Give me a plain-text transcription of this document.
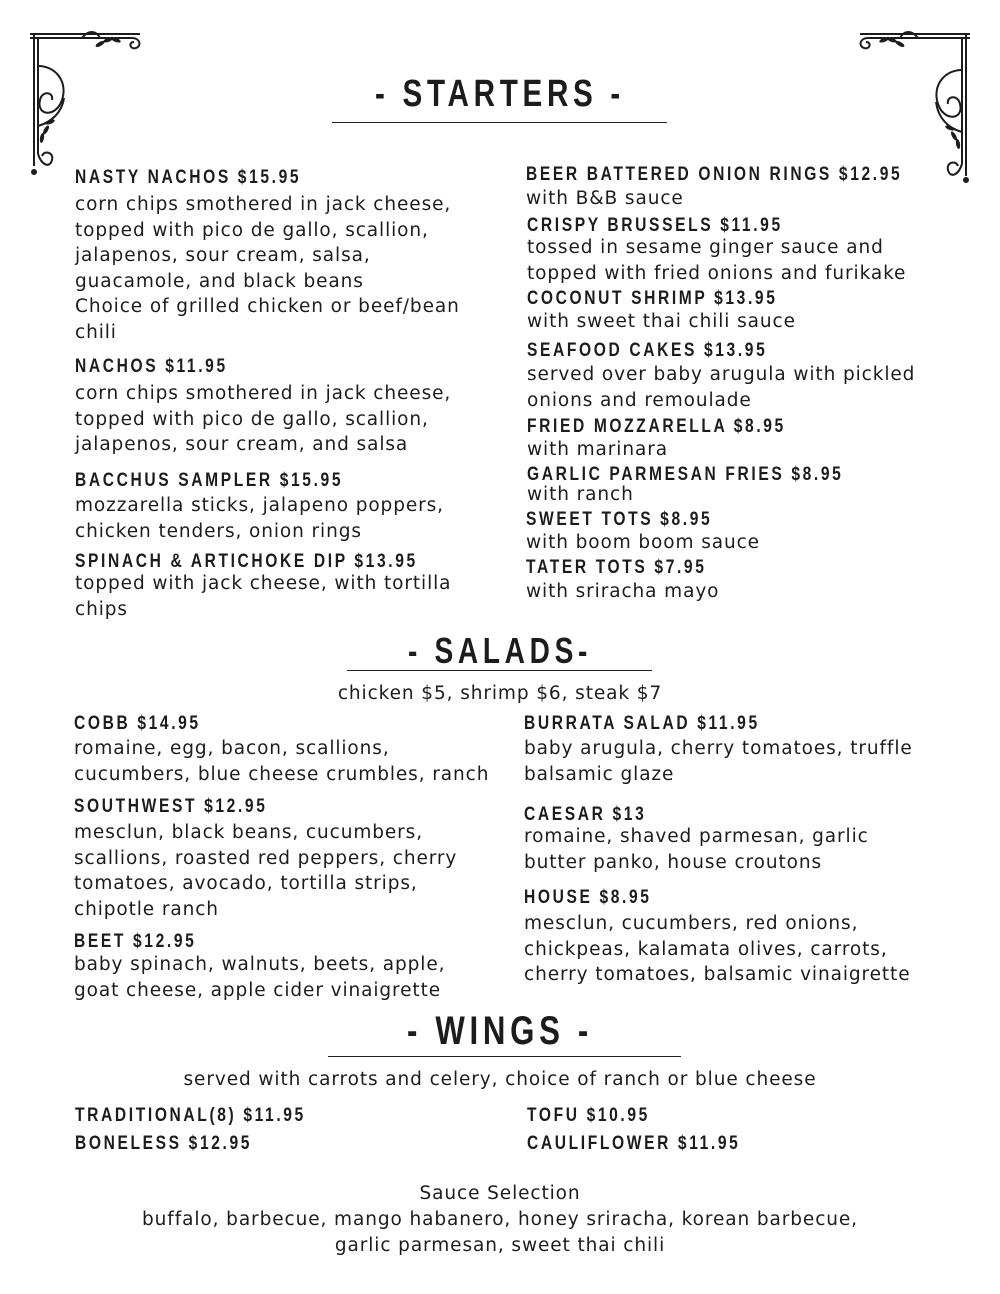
- STARTERS -
NASTY NACHOS $15.95
corn chips smothered in jack cheese,
topped with pico de gallo, scallion,
jalapenos, sour cream, salsa,
guacamole, and black beans
Choice of grilled chicken or beef/bean
chili
NACHOS $11.95
corn chips smothered in jack cheese,
topped with pico de gallo, scallion,
jalapenos, sour cream, and salsa
BACCHUS SAMPLER $15.95
mozzarella sticks, jalapeno poppers,
chicken tenders, onion rings
SPINACH & ARTICHOKE DIP $13.95
topped with jack cheese, with tortilla
chips
BEER BATTERED ONION RINGS $12.95
with B&B sauce
CRISPY BRUSSELS $11.95
tossed in sesame ginger sauce and
topped with fried onions and furikake
COCONUT SHRIMP $13.95
with sweet thai chili sauce
SEAFOOD CAKES $13.95
served over baby arugula with pickled
onions and remoulade
FRIED MOZZARELLA $8.95
with marinara
GARLIC PARMESAN FRIES $8.95
with ranch
SWEET TOTS $8.95
with boom boom sauce
TATER TOTS $7.95
with sriracha mayo
- SALADS-
chicken $5, shrimp $6, steak $7
COBB $14.95
romaine, egg, bacon, scallions,
cucumbers, blue cheese crumbles, ranch
SOUTHWEST $12.95
mesclun, black beans, cucumbers,
scallions, roasted red peppers, cherry
tomatoes, avocado, tortilla strips,
chipotle ranch
BEET $12.95
baby spinach, walnuts, beets, apple,
goat cheese, apple cider vinaigrette
BURRATA SALAD $11.95
baby arugula, cherry tomatoes, truffle
balsamic glaze
CAESAR $13
romaine, shaved parmesan, garlic
butter panko, house croutons
HOUSE $8.95
mesclun, cucumbers, red onions,
chickpeas, kalamata olives, carrots,
cherry tomatoes, balsamic vinaigrette
- WINGS -
served with carrots and celery, choice of ranch or blue cheese
TRADITIONAL(8) $11.95
BONELESS $12.95
TOFU $10.95
CAULIFLOWER $11.95
Sauce Selection
buffalo, barbecue, mango habanero, honey sriracha, korean barbecue,
garlic parmesan, sweet thai chili
